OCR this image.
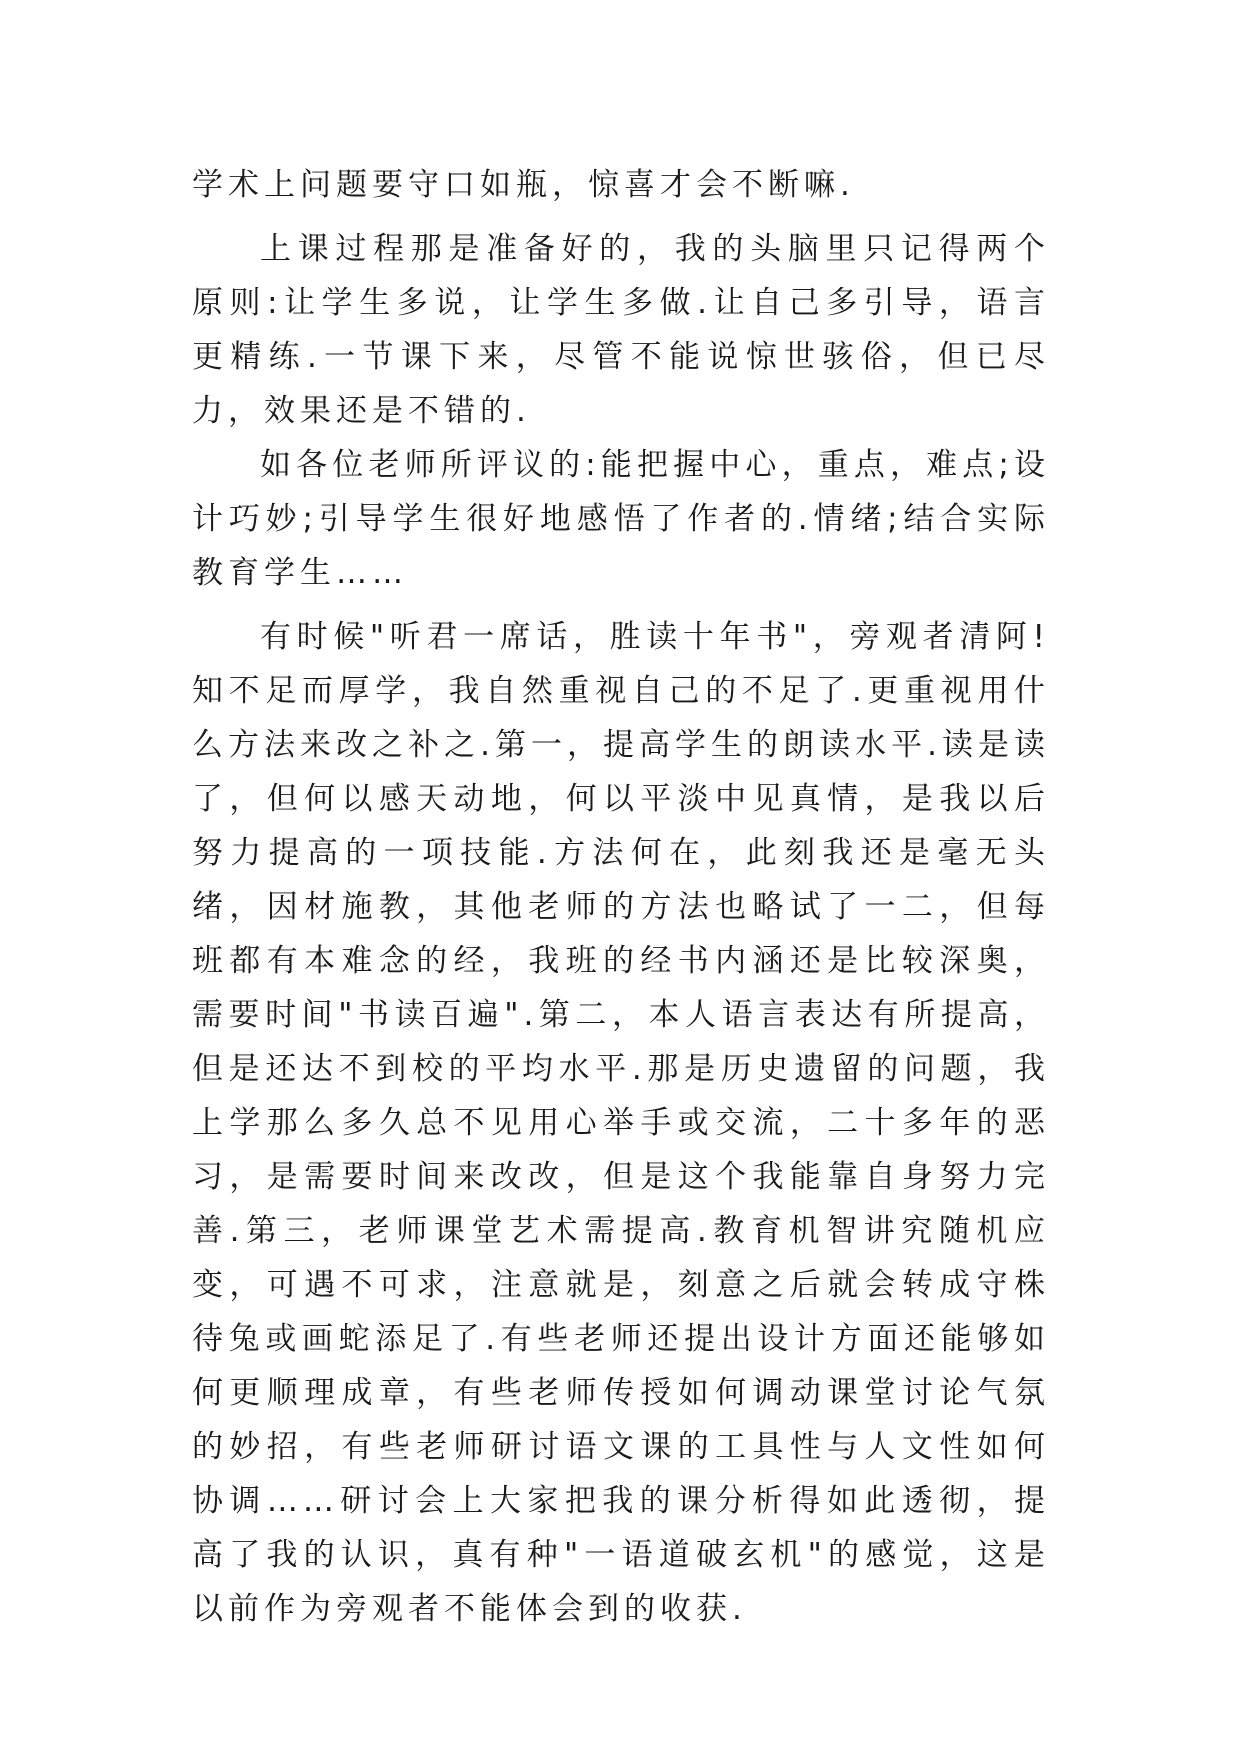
学术上问题要守口如瓶，惊喜才会不断嘛.

上课过程那是准备好的，我的头脑里只记得两个原则:让学生多说，让学生多做.让自己多引导，语言更精练.一节课下来，尽管不能说惊世骇俗，但已尽力，效果还是不错的.

如各位老师所评议的:能把握中心，重点，难点;设计巧妙;引导学生很好地感悟了作者的.情绪;结合实际教育学生……

有时候"听君一席话，胜读十年书"，旁观者清阿!知不足而厚学，我自然重视自己的不足了.更重视用什么方法来改之补之.第一，提高学生的朗读水平.读是读了，但何以感天动地，何以平淡中见真情，是我以后努力提高的一项技能.方法何在，此刻我还是毫无头绪，因材施教，其他老师的方法也略试了一二，但每班都有本难念的经，我班的经书内涵还是比较深奥，需要时间"书读百遍".第二，本人语言表达有所提高，但是还达不到校的平均水平.那是历史遗留的问题，我上学那么多久总不见用心举手或交流，二十多年的恶习，是需要时间来改改，但是这个我能靠自身努力完善.第三，老师课堂艺术需提高.教育机智讲究随机应变，可遇不可求，注意就是，刻意之后就会转成守株待兔或画蛇添足了.有些老师还提出设计方面还能够如何更顺理成章，有些老师传授如何调动课堂讨论气氛的妙招，有些老师研讨语文课的工具性与人文性如何协调……研讨会上大家把我的课分析得如此透彻，提高了我的认识，真有种"一语道破玄机"的感觉，这是以前作为旁观者不能体会到的收获.
